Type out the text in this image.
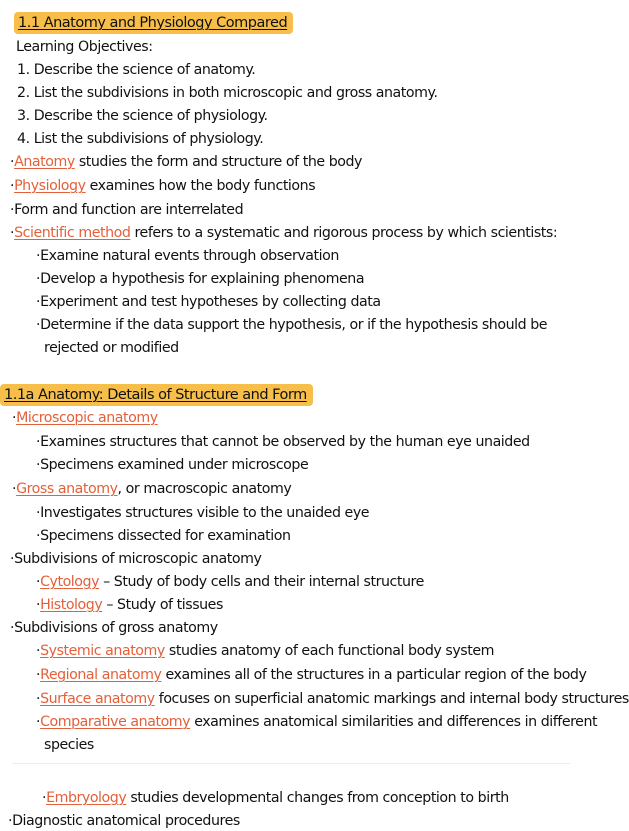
1.1 Anatomy and Physiology Compared
Learning Objectives:
1. Describe the science of anatomy.
2. List the subdivisions in both microscopic and gross anatomy.
3. Describe the science of physiology.
4. List the subdivisions of physiology.
·Anatomy studies the form and structure of the body
·Physiology examines how the body functions
·Form and function are interrelated
·Scientific method refers to a systematic and rigorous process by which scientists:
·Examine natural events through observation
·Develop a hypothesis for explaining phenomena
·Experiment and test hypotheses by collecting data
·Determine if the data support the hypothesis, or if the hypothesis should be
rejected or modified
1.1a Anatomy: Details of Structure and Form
·Microscopic anatomy
·Examines structures that cannot be observed by the human eye unaided
·Specimens examined under microscope
·Gross anatomy, or macroscopic anatomy
·Investigates structures visible to the unaided eye
·Specimens dissected for examination
·Subdivisions of microscopic anatomy
·Cytology – Study of body cells and their internal structure
·Histology – Study of tissues
·Subdivisions of gross anatomy
·Systemic anatomy studies anatomy of each functional body system
·Regional anatomy examines all of the structures in a particular region of the body
·Surface anatomy focuses on superficial anatomic markings and internal body structures
·Comparative anatomy examines anatomical similarities and differences in different
species
·Embryology studies developmental changes from conception to birth
·Diagnostic anatomical procedures
